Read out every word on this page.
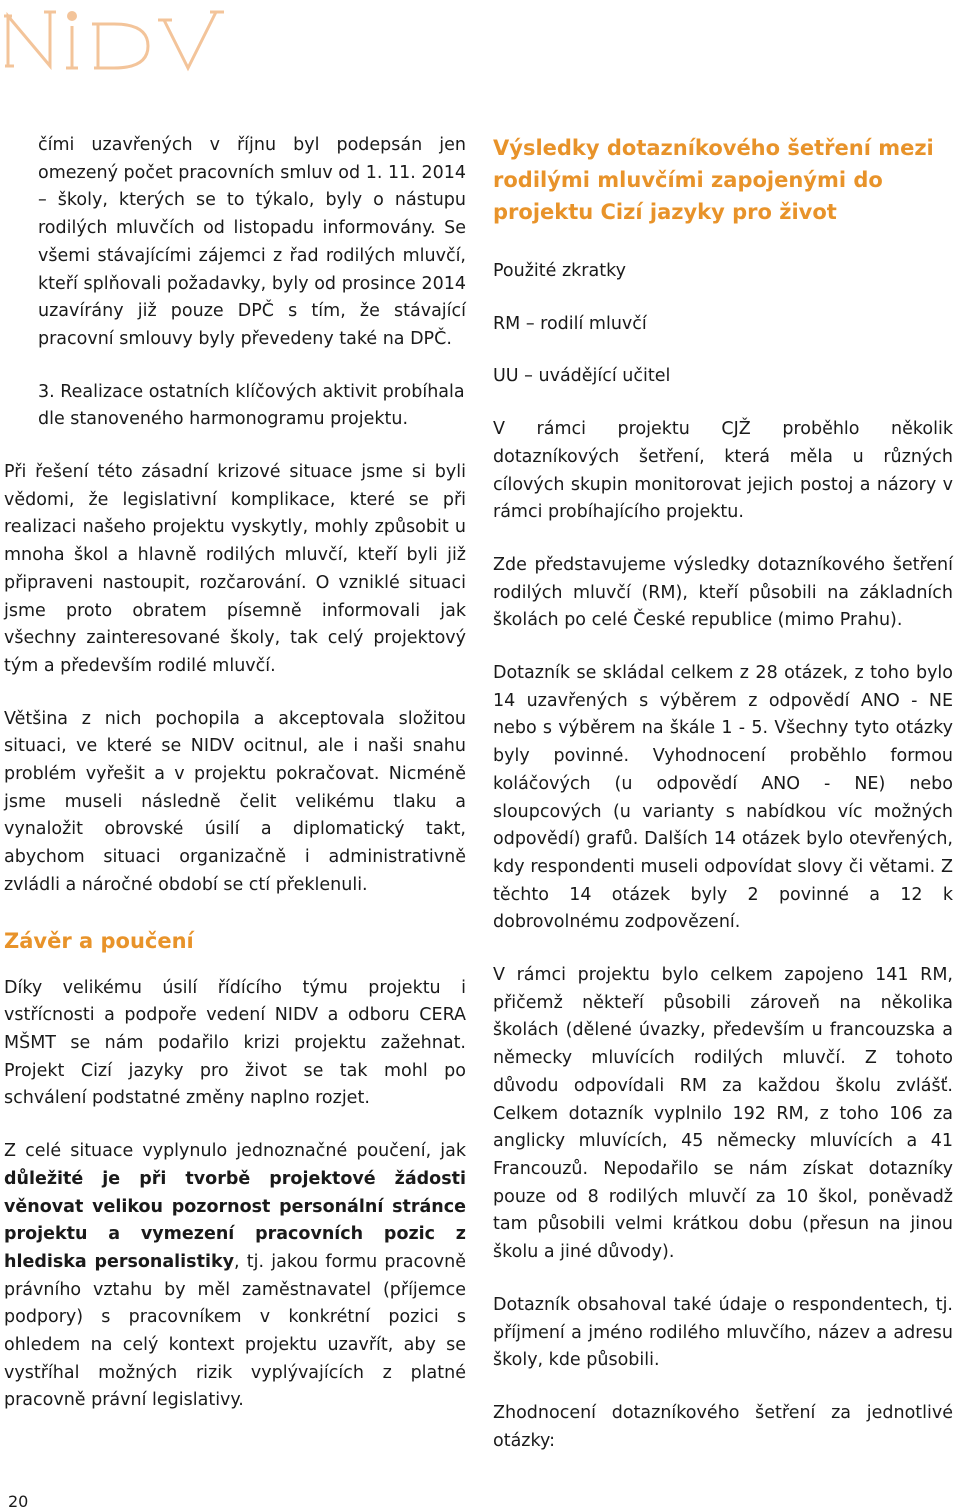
čími uzavřených v říjnu byl podepsán jen omezený počet pracovních smluv od 1. 11. 2014 – školy, kterých se to týkalo, byly o nástupu rodilých mluvčích od listopadu informovány. Se všemi stávajícími zájemci z řad rodilých mluvčí, kteří splňovali požadavky, byly od prosince 2014 uzavírány již pouze DPČ s tím, že stávající pracovní smlouvy byly převedeny také na DPČ.

3. Realizace ostatních klíčových aktivit probíhala dle stanoveného harmonogramu projektu.

Při řešení této zásadní krizové situace jsme si byli vědomi, že legislativní komplikace, které se při realizaci našeho projektu vyskytly, mohly způsobit u mnoha škol a hlavně rodilých mluvčí, kteří byli již připraveni nastoupit, rozčarování. O vzniklé situaci jsme proto obratem písemně informovali jak všechny zainteresované školy, tak celý projektový tým a především rodilé mluvčí.

Většina z nich pochopila a akceptovala složitou situaci, ve které se NIDV ocitnul, ale i naši snahu problém vyřešit a v projektu pokračovat. Nicméně jsme museli následně čelit velikému tlaku a vynaložit obrovské úsilí a diplomatický takt, abychom situaci organizačně i administrativně zvládli a náročné období se ctí překlenuli.

Závěr a poučení

Díky velikému úsilí řídícího týmu projektu i vstřícnosti a podpoře vedení NIDV a odboru CERA MŠMT se nám podařilo krizi projektu zažehnat. Projekt Cizí jazyky pro život se tak mohl po schválení podstatné změny naplno rozjet.

Z celé situace vyplynulo jednoznačné poučení, jak důležité je při tvorbě projektové žádosti věnovat velikou pozornost personální stránce projektu a vymezení pracovních pozic z hlediska personalistiky, tj. jakou formu pracovně právního vztahu by měl zaměstnavatel (příjemce podpory) s pracovníkem v konkrétní pozici s ohledem na celý kontext projektu uzavřít, aby se vystříhal možných rizik vyplývajících z platné pracovně právní legislativy.

Výsledky dotazníkového šetření mezi rodilými mluvčími zapojenými do projektu Cizí jazyky pro život

Použité zkratky

RM – rodilí mluvčí

UU – uvádějící učitel

V rámci projektu CJŽ proběhlo několik dotazníkových šetření, která měla u různých cílových skupin monitorovat jejich postoj a názory v rámci probíhajícího projektu.

Zde představujeme výsledky dotazníkového šetření rodilých mluvčí (RM), kteří působili na základních školách po celé České republice (mimo Prahu).

Dotazník se skládal celkem z 28 otázek, z toho bylo 14 uzavřených s výběrem z odpovědí ANO - NE nebo s výběrem na škále 1 - 5. Všechny tyto otázky byly povinné. Vyhodnocení proběhlo formou koláčových (u odpovědí ANO - NE) nebo sloupcových (u varianty s nabídkou víc možných odpovědí) grafů. Dalších 14 otázek bylo otevřených, kdy respondenti museli odpovídat slovy či větami. Z těchto 14 otázek byly 2 povinné a 12 k dobrovolnému zodpovězení.

V rámci projektu bylo celkem zapojeno 141 RM, přičemž někteří působili zároveň na několika školách (dělené úvazky, především u francouzska a německy mluvících rodilých mluvčí. Z tohoto důvodu odpovídali RM za každou školu zvlášť. Celkem dotazník vyplnilo 192 RM, z toho 106 za anglicky mluvících, 45 německy mluvících a 41 Francouzů. Nepodařilo se nám získat dotazníky pouze od 8 rodilých mluvčí za 10 škol, poněvadž tam působili velmi krátkou dobu (přesun na jinou školu a jiné důvody).

Dotazník obsahoval také údaje o respondentech, tj. příjmení a jméno rodilého mluvčího, název a adresu školy, kde působili.

Zhodnocení dotazníkového šetření za jednotlivé otázky:

20
